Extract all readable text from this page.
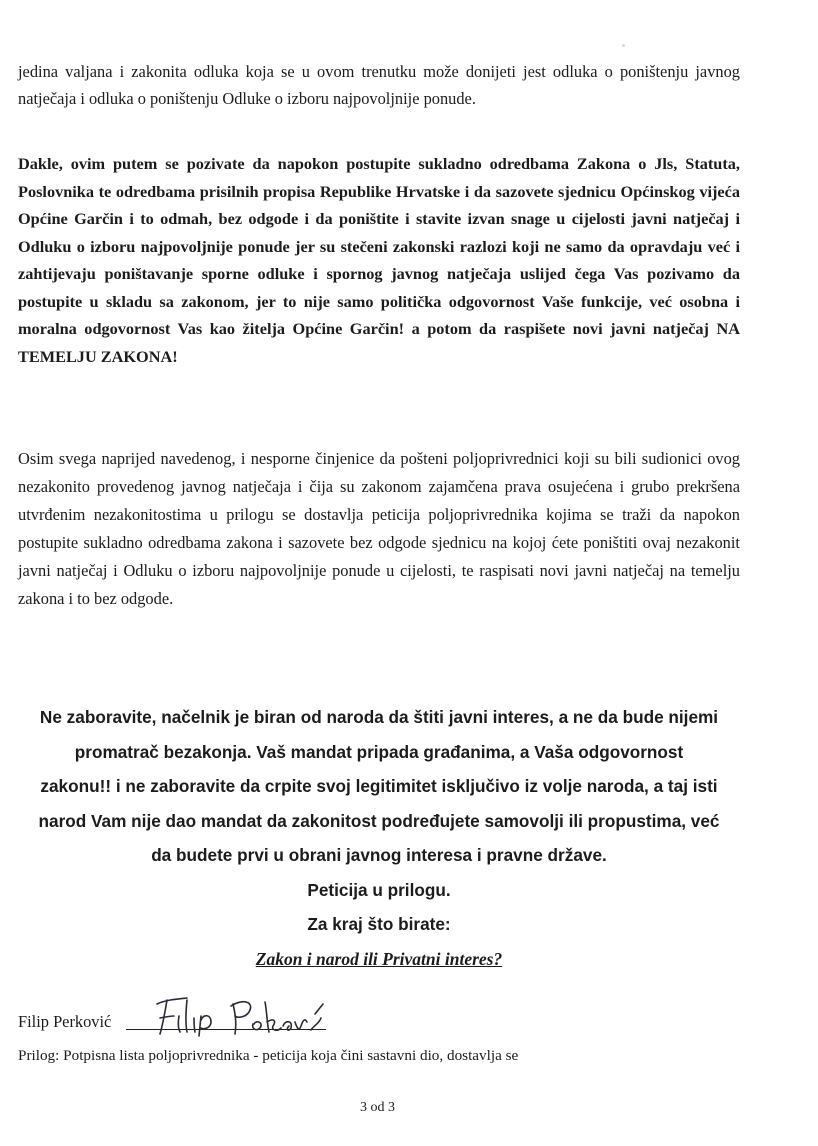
jedina valjana i zakonita odluka koja se u ovom trenutku može donijeti jest odluka o poništenju javnog natječaja i odluka o poništenju Odluke o izboru najpovoljnije ponude.

Dakle, ovim putem se pozivate da napokon postupite sukladno odredbama Zakona o Jls, Statuta, Poslovnika te odredbama prisilnih propisa Republike Hrvatske i da sazovete sjednicu Općinskog vijeća Općine Garčin i to odmah, bez odgode i da poništite i stavite izvan snage u cijelosti javni natječaj i Odluku o izboru najpovoljnije ponude jer su stečeni zakonski razlozi koji ne samo da opravdaju već i zahtijevaju poništavanje sporne odluke i spornog javnog natječaja uslijed čega Vas pozivamo da postupite u skladu sa zakonom, jer to nije samo politička odgovornost Vaše funkcije, već osobna i moralna odgovornost Vas kao žitelja Općine Garčin! a potom da raspišete novi javni natječaj NA TEMELJU ZAKONA!

Osim svega naprijed navedenog, i nesporne činjenice da pošteni poljoprivrednici koji su bili sudionici ovog nezakonito provedenog javnog natječaja i čija su zakonom zajamčena prava osujećena i grubo prekršena utvrđenim nezakonitostima u prilogu se dostavlja peticija poljoprivrednika kojima se traži da napokon postupite sukladno odredbama zakona i sazovete bez odgode sjednicu na kojoj ćete poništiti ovaj nezakonit javni natječaj i Odluku o izboru najpovoljnije ponude u cijelosti, te raspisati novi javni natječaj na temelju zakona i to bez odgode.

Ne zaboravite, načelnik je biran od naroda da štiti javni interes, a ne da bude nijemi
promatrač bezakonja. Vaš mandat pripada građanima, a Vaša odgovornost
zakonu!! i ne zaboravite da crpite svoj legitimitet isključivo iz volje naroda, a taj isti
narod Vam nije dao mandat da zakonitost podređujete samovolji ili propustima, već
da budete prvi u obrani javnog interesa i pravne države.
Peticija u prilogu.
Za kraj što birate:
Zakon i narod ili Privatni interes?

Filip Perković

Prilog: Potpisna lista poljoprivrednika - peticija koja čini sastavni dio, dostavlja se

3 od 3
